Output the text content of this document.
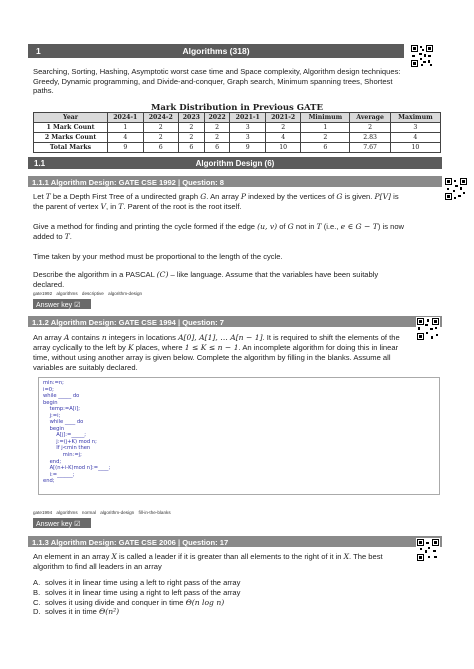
1	Algorithms (318)
Searching, Sorting, Hashing, Asymptotic worst case time and Space complexity, Algorithm design techniques: Greedy, Dynamic programming, and Divide-and-conquer, Graph search, Minimum spanning trees, Shortest paths.
Mark Distribution in Previous GATE
Year	2024-1	2024-2	2023	2022	2021-1	2021-2	Minimum	Average	Maximum
1 Mark Count	1	2	2	2	3	2	1	2	3
2 Marks Count	4	2	2	2	3	4	2	2.83	4
Total Marks	9	6	6	6	9	10	6	7.67	10
1.1	Algorithm Design (6)
1.1.1 Algorithm Design: GATE CSE 1992 | Question: 8
Let T be a Depth First Tree of a undirected graph G. An array P indexed by the vertices of G is given. P[V] is the parent of vertex V, in T. Parent of the root is the root itself.
Give a method for finding and printing the cycle formed if the edge (u, v) of G not in T (i.e., e ∈ G − T) is now added to T.
Time taken by your method must be proportional to the length of the cycle.
Describe the algorithm in a PASCAL (C) – like language. Assume that the variables have been suitably declared.
gate1992 algorithms descriptive algorithm-design
Answer key ☑
1.1.2 Algorithm Design: GATE CSE 1994 | Question: 7
An array A contains n integers in locations A[0], A[1], … A[n − 1]. It is required to shift the elements of the array cyclically to the left by K places, where 1 ≤ K ≤ n − 1. An incomplete algorithm for doing this in linear time, without using another array is given below. Complete the algorithm by filling in the blanks. Assume all variables are suitably declared.
min:=n;
i=0;
while _____ do
begin
temp:=A[i];
j:=i;
while ____ do
begin
A[j]:=_____;
j:=(j+K) mod n;
If j<min then
min:=j;
end;
A[(n+i-K)mod n]:=____;
i:=______;
end;
gate1994 algorithms normal algorithm-design fill-in-the-blanks
Answer key ☑
1.1.3 Algorithm Design: GATE CSE 2006 | Question: 17
An element in an array X is called a leader if it is greater than all elements to the right of it in X. The best algorithm to find all leaders in an array
A. solves it in linear time using a left to right pass of the array
B. solves it in linear time using a right to left pass of the array
C. solves it using divide and conquer in time Θ(n log n)
D. solves it in time Θ(n²)
